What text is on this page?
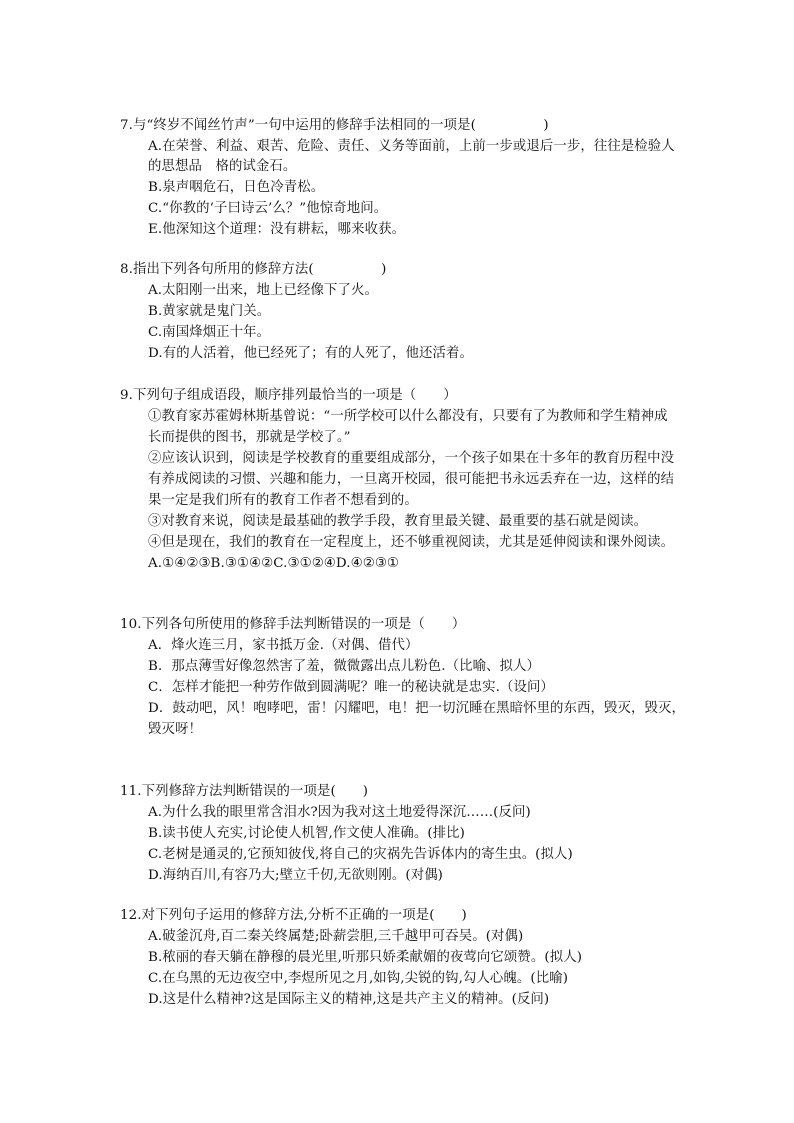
7.与“终岁不闻丝竹声”一句中运用的修辞手法相同的一项是(　　　　　)
A.在荣誉、利益、艰苦、危险、责任、义务等面前，上前一步或退后一步，往往是检验人
的思想品　格的试金石。
B.泉声咽危石，日色冷青松。
C.“你教的‘子曰诗云’么？”他惊奇地问。
E.他深知这个道理：没有耕耘，哪来收获。
8.指出下列各句所用的修辞方法(　　　　　)
A.太阳刚一出来，地上已经像下了火。
B.黄家就是鬼门关。
C.南国烽烟正十年。
D.有的人活着，他已经死了；有的人死了，他还活着。
9.下列句子组成语段，顺序排列最恰当的一项是（　　）
①教育家苏霍姆林斯基曾说：“一所学校可以什么都没有，只要有了为教师和学生精神成
长而提供的图书，那就是学校了。”
②应该认识到，阅读是学校教育的重要组成部分，一个孩子如果在十多年的教育历程中没
有养成阅读的习惯、兴趣和能力，一旦离开校园，很可能把书永远丢弃在一边，这样的结
果一定是我们所有的教育工作者不想看到的。
③对教育来说，阅读是最基础的教学手段，教育里最关键、最重要的基石就是阅读。
④但是现在，我们的教育在一定程度上，还不够重视阅读，尤其是延伸阅读和课外阅读。
A.①④②③B.③①④②C.③①②④D.④②③①
10.下列各句所使用的修辞手法判断错误的一项是（　　）
A．烽火连三月，家书抵万金.（对偶、借代）
B．那点薄雪好像忽然害了羞，微微露出点儿粉色.（比喻、拟人）
C．怎样才能把一种劳作做到圆满呢？唯一的秘诀就是忠实.（设问）
D．鼓动吧，风！咆哮吧，雷！闪耀吧，电！把一切沉睡在黑暗怀里的东西，毁灭，毁灭，
毁灭呀！
11.下列修辞方法判断错误的一项是(　　)
A.为什么我的眼里常含泪水?因为我对这土地爱得深沉……(反问)
B.读书使人充实,讨论使人机智,作文使人准确。(排比)
C.老树是通灵的,它预知彼伐,将自己的灾祸先告诉体内的寄生虫。(拟人)
D.海纳百川,有容乃大;壁立千仞,无欲则刚。(对偶)
12.对下列句子运用的修辞方法,分析不正确的一项是(　　)
A.破釜沉舟,百二秦关终属楚;卧薪尝胆,三千越甲可吞吴。(对偶)
B.秾丽的春天躺在静穆的晨光里,听那只娇柔献媚的夜莺向它颂赞。(拟人)
C.在乌黑的无边夜空中,李煜所见之月,如钩,尖锐的钩,勾人心魄。(比喻)
D.这是什么精神?这是国际主义的精神,这是共产主义的精神。(反问)
